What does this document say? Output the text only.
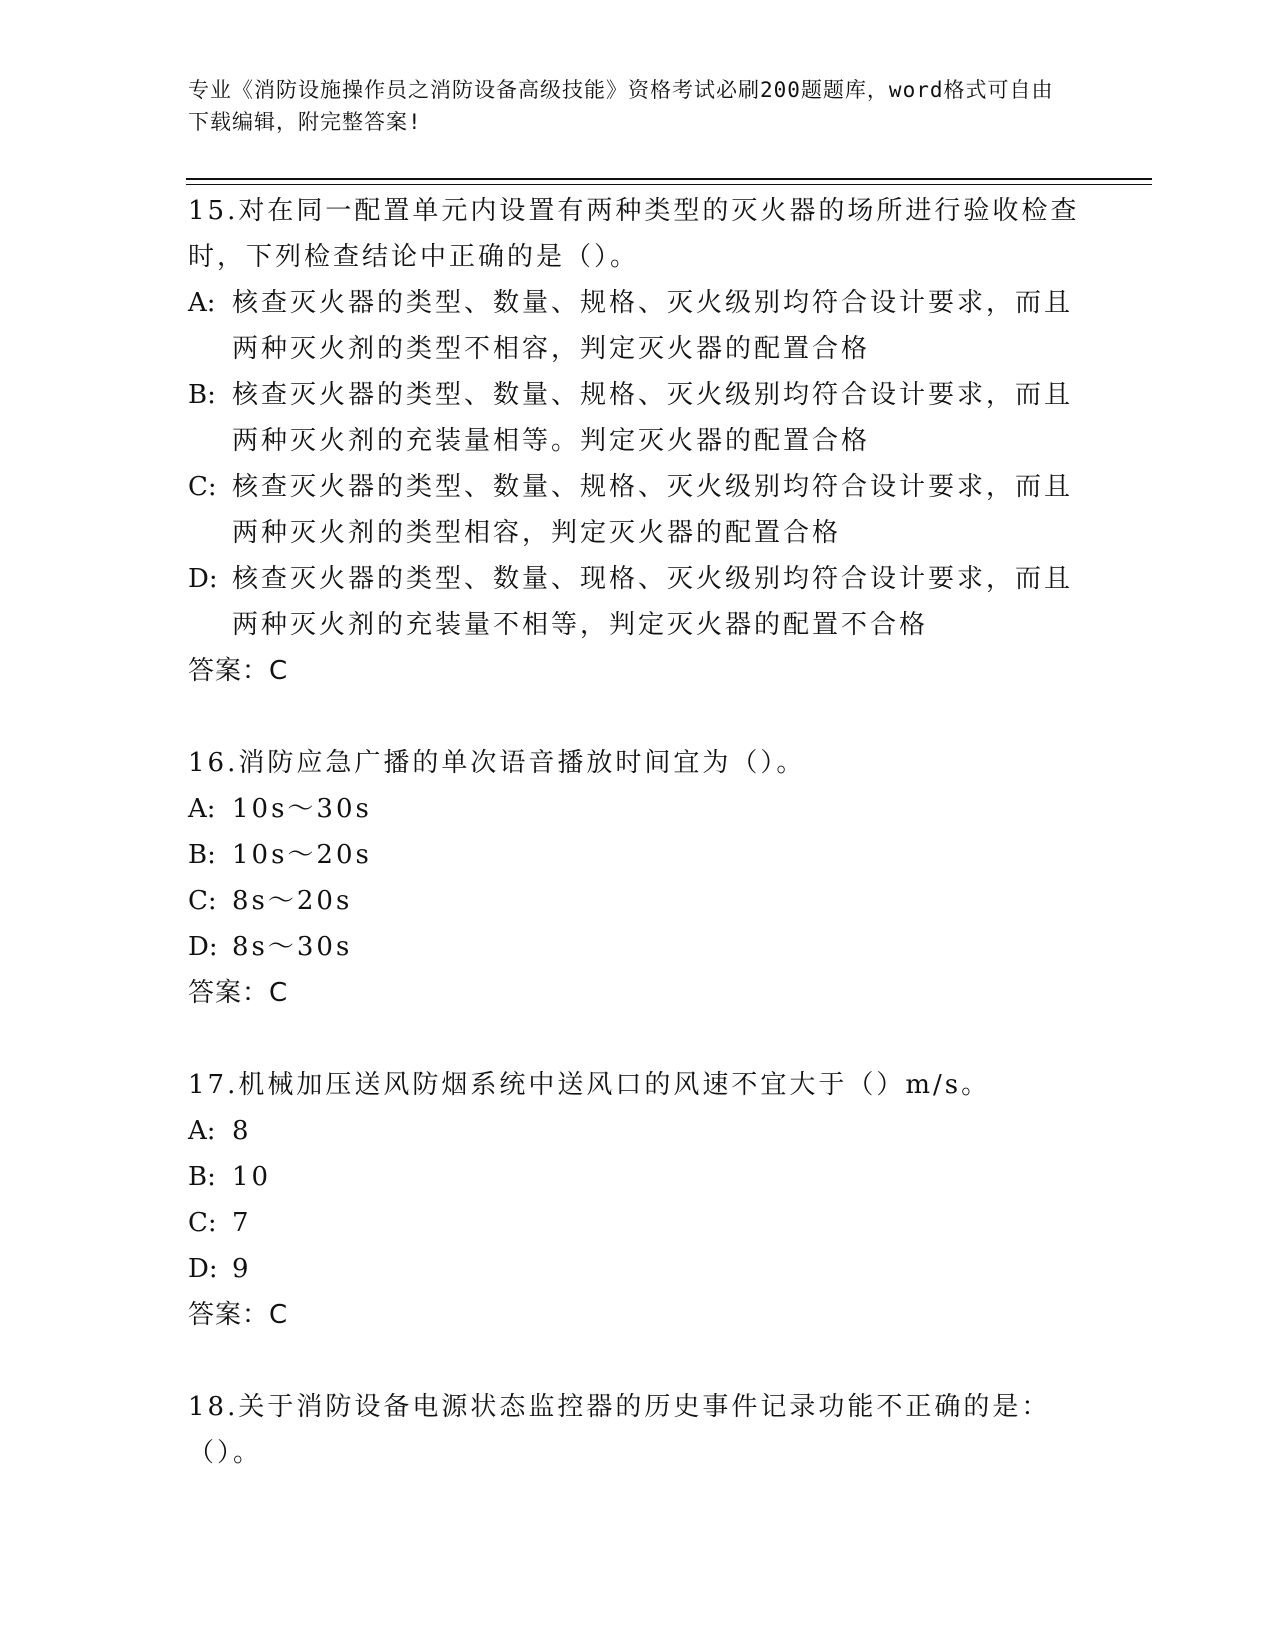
专业《消防设施操作员之消防设备高级技能》资格考试必刷200题题库，word格式可自由下载编辑，附完整答案!

15.对在同一配置单元内设置有两种类型的灭火器的场所进行验收检查时，下列检查结论中正确的是（）。

A: 核查灭火器的类型、数量、规格、灭火级别均符合设计要求，而且两种灭火剂的类型不相容，判定灭火器的配置合格
B: 核查灭火器的类型、数量、规格、灭火级别均符合设计要求，而且两种灭火剂的充装量相等。判定灭火器的配置合格
C: 核查灭火器的类型、数量、规格、灭火级别均符合设计要求，而且两种灭火剂的类型相容，判定灭火器的配置合格
D: 核查灭火器的类型、数量、现格、灭火级别均符合设计要求，而且两种灭火剂的充装量不相等，判定灭火器的配置不合格

答案：C

16.消防应急广播的单次语音播放时间宜为（）。

A: 10s～30s
B: 10s～20s
C: 8s～20s
D: 8s～30s

答案：C

17.机械加压送风防烟系统中送风口的风速不宜大于（）m/s。

A: 8
B: 10
C: 7
D: 9

答案：C

18.关于消防设备电源状态监控器的历史事件记录功能不正确的是：（）。
